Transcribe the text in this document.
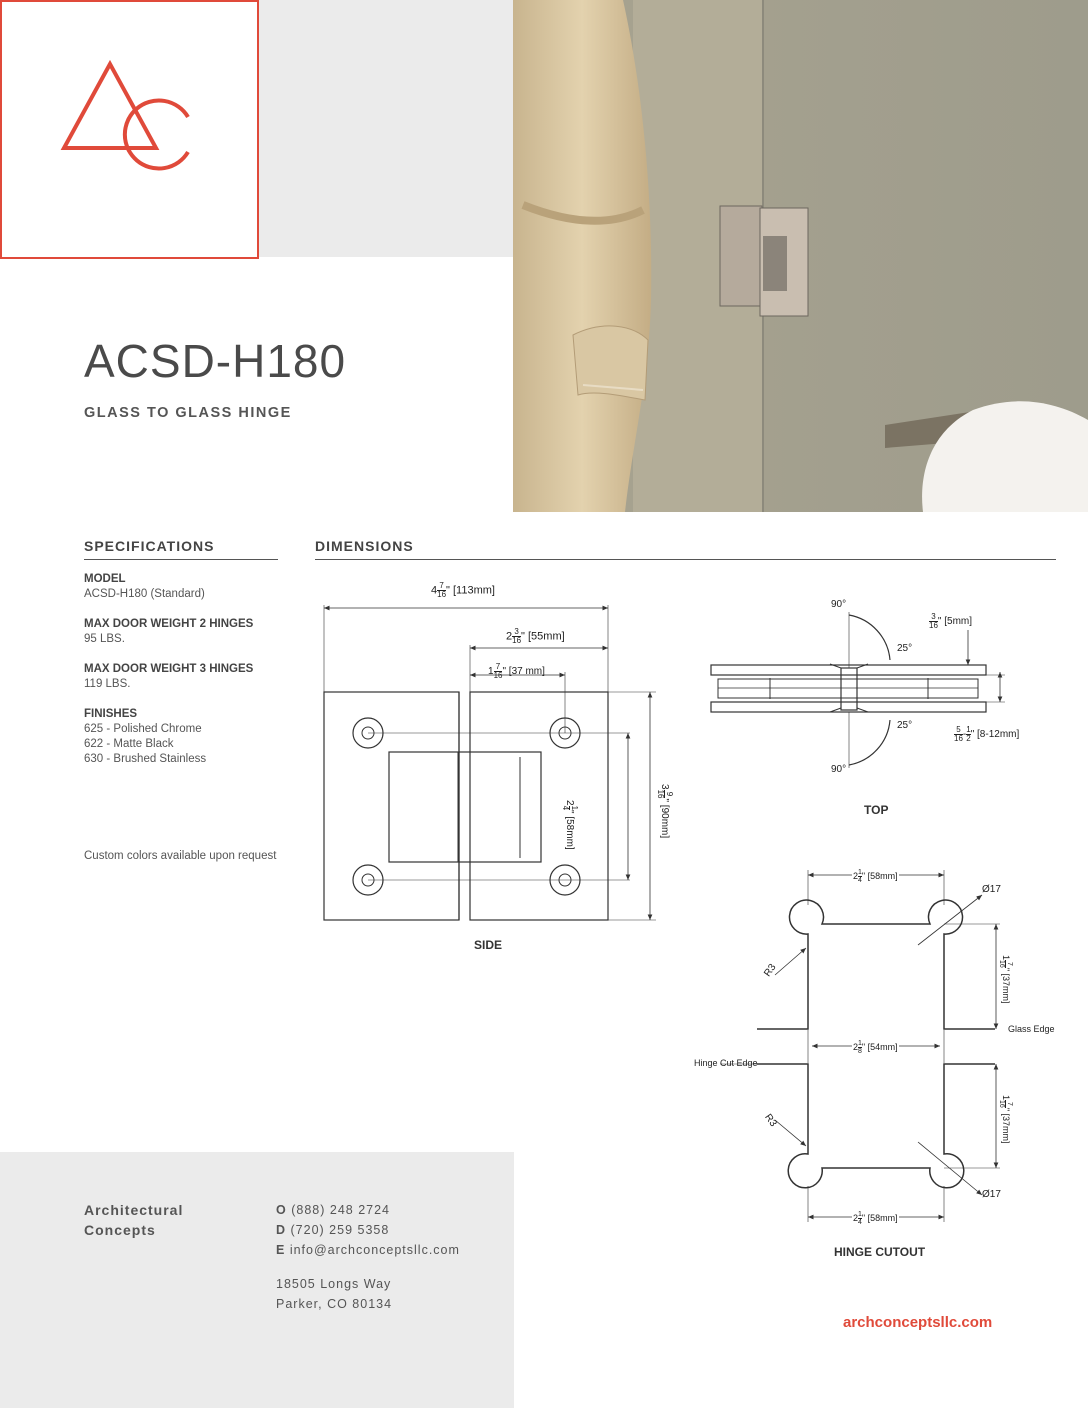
ACSD-H180
GLASS TO GLASS HINGE
SPECIFICATIONS	DIMENSIONS
MODEL
ACSD-H180 (Standard)
MAX DOOR WEIGHT 2 HINGES
95 LBS.
MAX DOOR WEIGHT 3 HINGES
119 LBS.
FINISHES
625 - Polished Chrome
622 - Matte Black
630 - Brushed Stainless
Custom colors available upon request
$4 \frac{7}{16}$ " [113mm]
$2 \frac{3}{16}$ " [55mm]
$1 \frac{7}{16}$ " [37 mm]
2
1
4
" [58mm]
3
9
16
" [90mm]
SIDE
90°
25°
25°
90°
$\frac{3}{16}$ " [5mm]
$\frac{5}{16} - \frac{1}{2}$ " [8-12mm]
TOP
$2 \frac{1}{4}$ " [58mm]
$2 \frac{1}{8}$ " [54mm]
$2 \frac{1}{4}$ " [58mm]
Ø17
Ø17
R3
R3
1
7
16
" [37mm]
1
7
16
" [37mm]
Glass Edge
Hinge Cut Edge
HINGE CUTOUT
Architectural
Concepts
O (888) 248 2724
D (720) 259 5358
E info@archconceptsllc.com
18505 Longs Way
Parker, CO 80134
archconceptsllc.com
